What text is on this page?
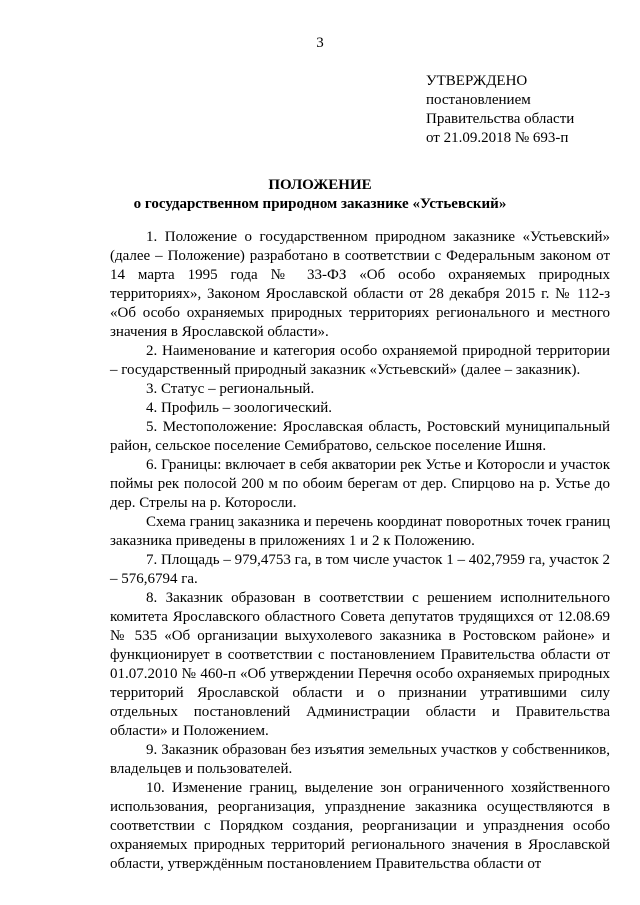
3
УТВЕРЖДЕНО
постановлением
Правительства области
от 21.09.2018 № 693-п
ПОЛОЖЕНИЕ
о государственном природном заказнике «Устьевский»

1. Положение о государственном природном заказнике «Устьевский» (далее – Положение) разработано в соответствии с Федеральным законом от 14 марта 1995 года № 33-ФЗ «Об особо охраняемых природных территориях», Законом Ярославской области от 28 декабря 2015 г. № 112-з «Об особо охраняемых природных территориях регионального и местного значения в Ярославской области».

2. Наименование и категория особо охраняемой природной территории – государственный природный заказник «Устьевский» (далее – заказник).

3. Статус – региональный.

4. Профиль – зоологический.

5. Местоположение: Ярославская область, Ростовский муниципальный район, сельское поселение Семибратово, сельское поселение Ишня.

6. Границы: включает в себя акватории рек Устье и Которосли и участок поймы рек полосой 200 м по обоим берегам от дер. Спирцово на р. Устье до дер. Стрелы на р. Которосли.

Схема границ заказника и перечень координат поворотных точек границ заказника приведены в приложениях 1 и 2 к Положению.

7. Площадь – 979,4753 га, в том числе участок 1 – 402,7959 га, участок 2 – 576,6794 га.

8. Заказник образован в соответствии с решением исполнительного комитета Ярославского областного Совета депутатов трудящихся от 12.08.69 № 535 «Об организации выхухолевого заказника в Ростовском районе» и функционирует в соответствии с постановлением Правительства области от 01.07.2010 № 460-п «Об утверждении Перечня особо охраняемых природных территорий Ярославской области и о признании утратившими силу отдельных постановлений Администрации области и Правительства области» и Положением.

9. Заказник образован без изъятия земельных участков у собственников, владельцев и пользователей.

10. Изменение границ, выделение зон ограниченного хозяйственного использования, реорганизация, упразднение заказника осуществляются в соответствии с Порядком создания, реорганизации и упразднения особо охраняемых природных территорий регионального значения в Ярославской области, утверждённым постановлением Правительства области от
